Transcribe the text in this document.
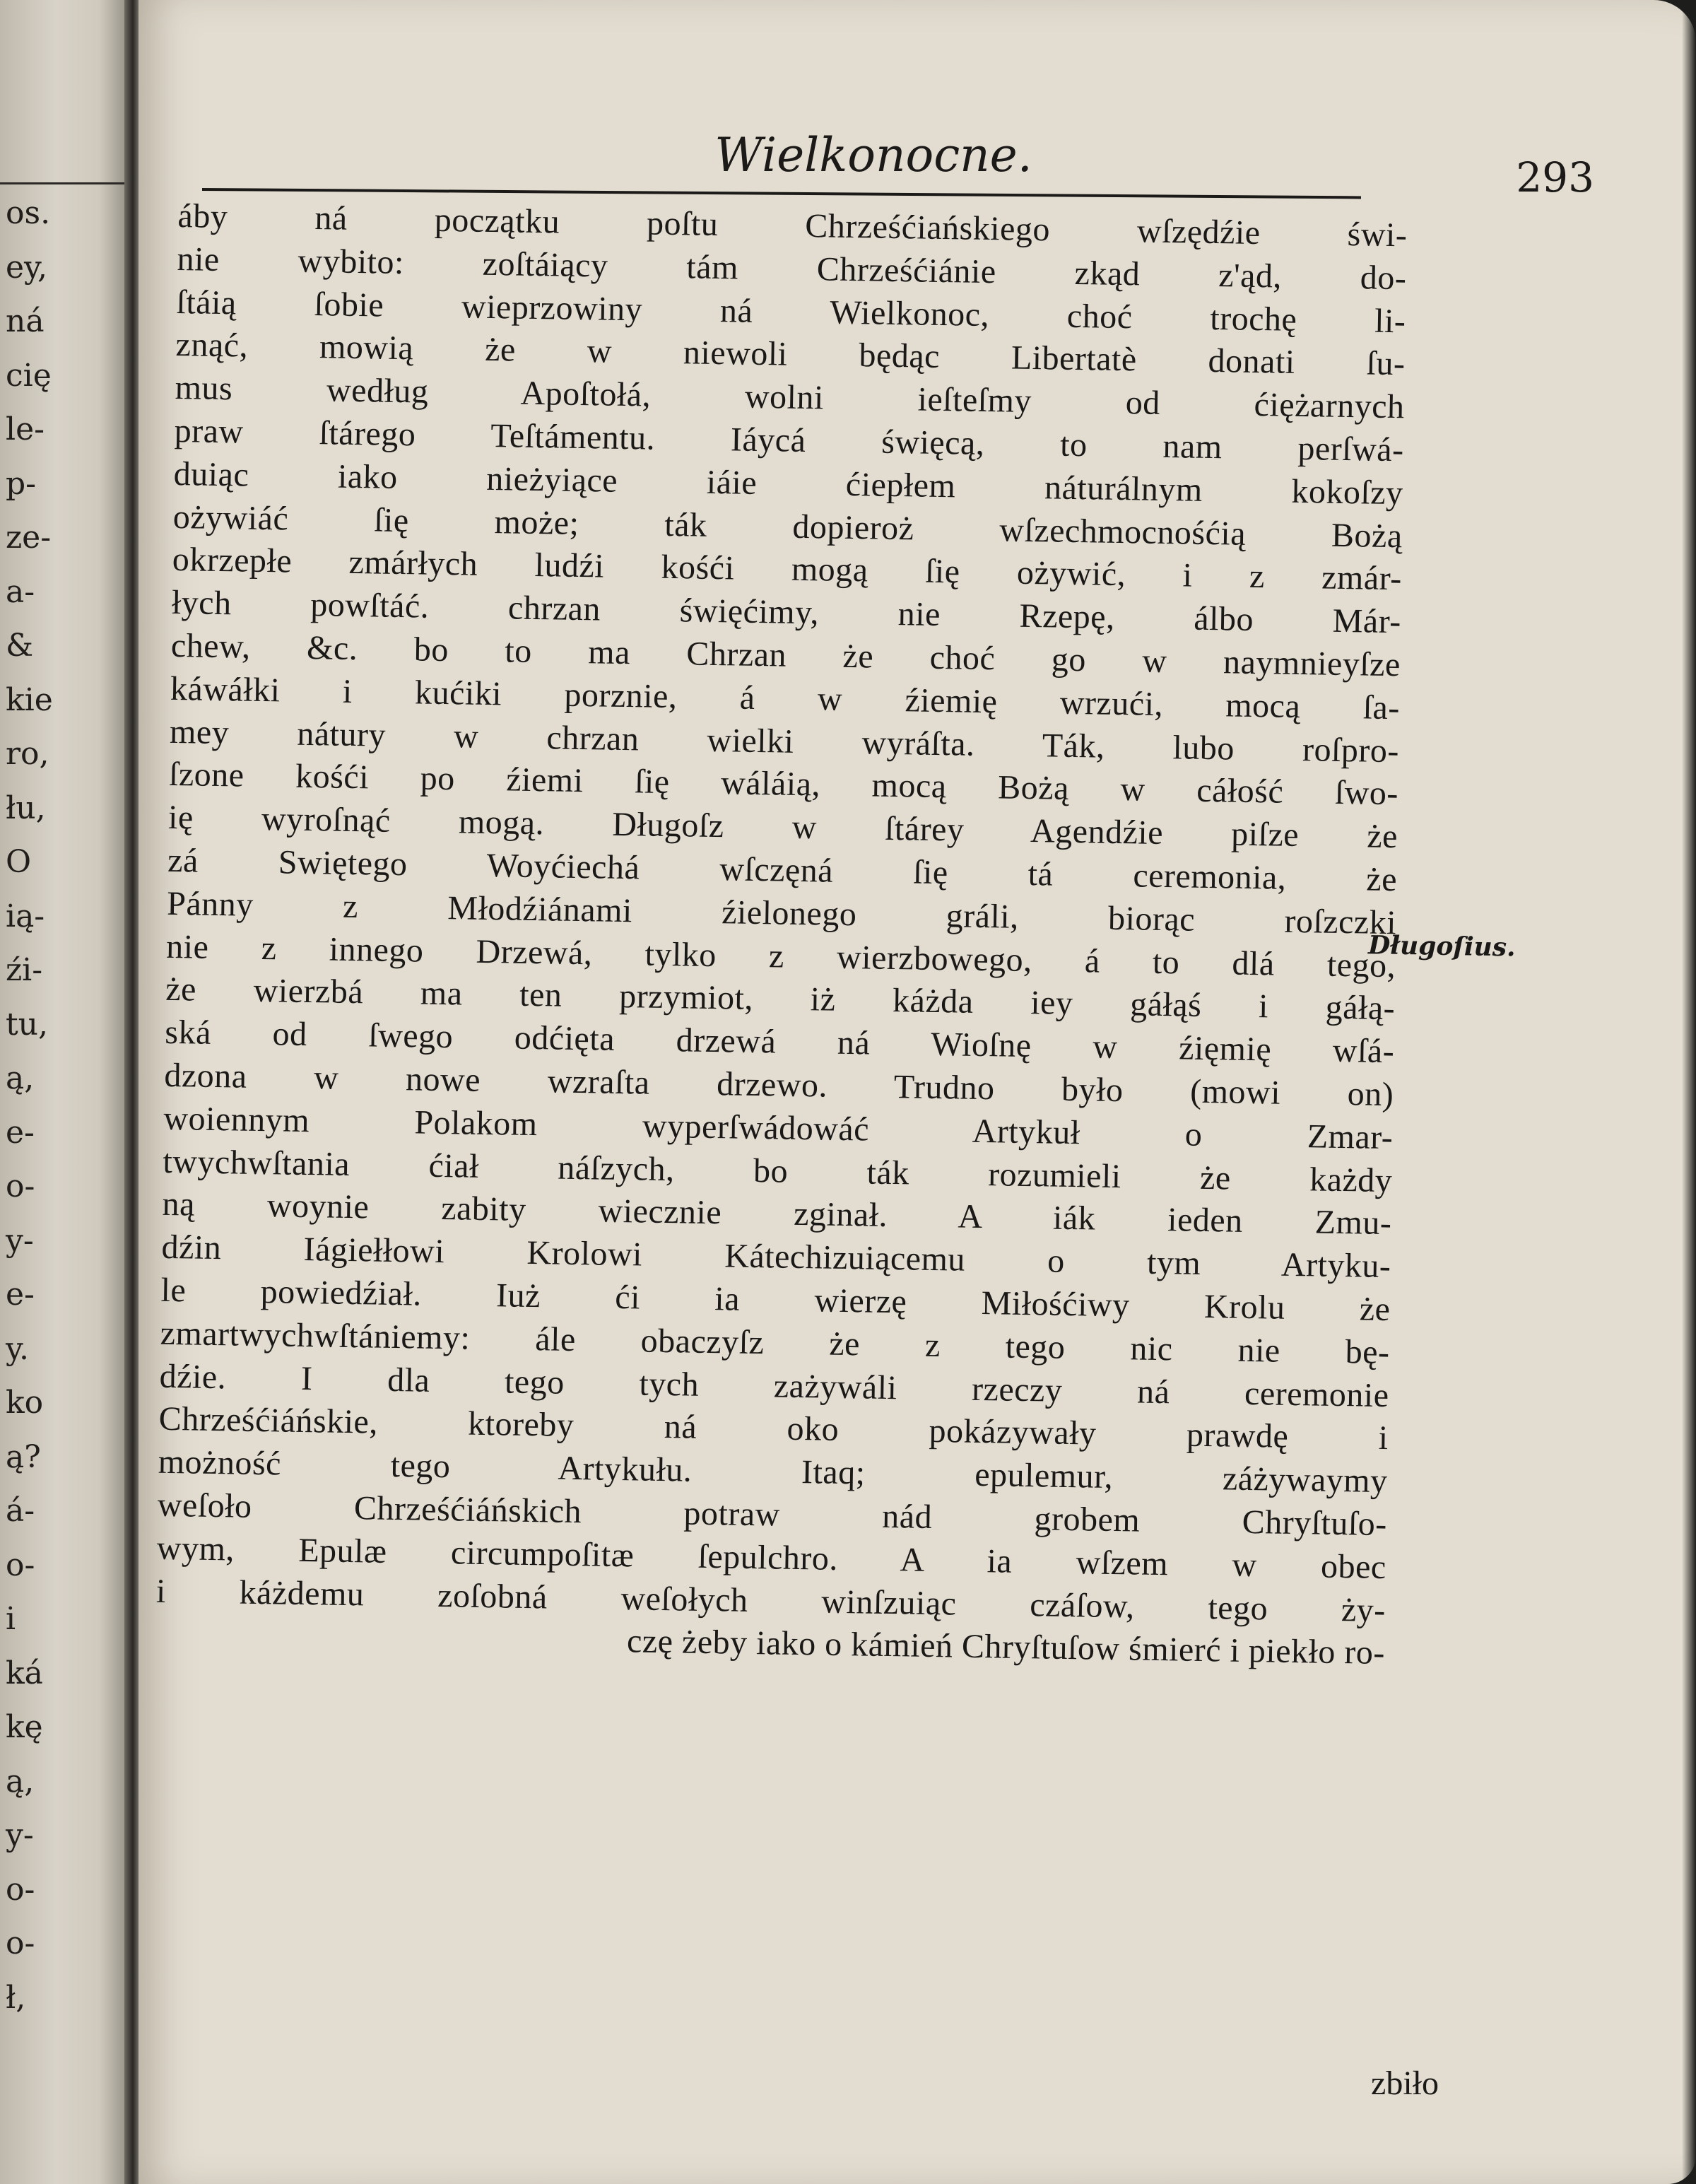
os.
ey,
ná
cię
le-
p-
ze-
a-
&
kie
ro,
łu,
O
ią-
źi-
tu,
ą,
e-
o-
y-
e-
y.
ko
ą?
á-
o-
i
ká
kę
ą,
y-
o-
o-
ł,
Wielkonocne.	293
áby ná początku poſtu Chrześćiańskiego wſzędźie świ-
nie wybito: zoſtáiący tám Chrześćiánie zkąd z'ąd, do-
ſtáią ſobie wieprzowiny ná Wielkonoc, choć trochę li-
znąć, mowią że w niewoli będąc Libertatè donati ſu-
mus według Apoſtołá, wolni ieſteſmy od ćiężarnych
praw ſtárego Teſtámentu. Iáycá święcą, to nam perſwá-
duiąc iako nieżyiące iáie ćiepłem náturálnym kokoſzy
ożywiáć ſię może; ták dopieroż wſzechmocnośćią Bożą
okrzepłe zmárłych ludźi kośći mogą ſię ożywić, i z zmár-
łych powſtáć. chrzan święćimy, nie Rzepę, álbo Már-
chew, &c. bo to ma Chrzan że choć go w naymnieyſze
káwáłki i kućiki porznie, á w źiemię wrzući, mocą ſa-
mey nátury w chrzan wielki wyráſta. Ták, lubo roſpro-
ſzone kośći po źiemi ſię wáláią, mocą Bożą w cáłość ſwo-
ię wyroſnąć mogą. Długoſz w ſtárey Agendźie piſze że
zá Swiętego Woyćiechá wſczęná ſię tá ceremonia, że
Pánny z Młodźiánami źielonego gráli, biorąc roſzczki
nie z innego Drzewá, tylko z wierzbowego, á to dlá tego,
że wierzbá ma ten przymiot, iż káżda iey gáłąś i gáłą-
ská od ſwego odćięta drzewá ná Wioſnę w źięmię wſá-
dzona w nowe wzraſta drzewo. Trudno było (mowi on)
woiennym Polakom wyperſwádowáć Artykuł o Zmar-
twychwſtania ćiał náſzych, bo ták rozumieli że każdy
ną woynie zabity wiecznie zginał. A iák ieden Zmu-
dźin Iágiełłowi Krolowi Kátechizuiącemu o tym Artyku-
le powiedźiał. Iuż ći ia wierzę Miłośćiwy Krolu że
zmartwychwſtániemy: ále obaczyſz że z tego nic nie bę-
dźie. I dla tego tych zażywáli rzeczy ná ceremonie
Chrześćiáńskie, ktoreby ná oko pokázywały prawdę i
możność tego Artykułu. Itaq; epulemur, záżywaymy
weſoło Chrześćiáńskich potraw nád grobem Chryſtuſo-
wym, Epulæ circumpoſitæ ſepulchro. A ia wſzem w obec
i káżdemu zoſobná weſołych winſzuiąc czáſow, tego ży-
czę żeby iako o kámień Chryſtuſow śmierć i piekło ro-
Długoſius.
zbiło
